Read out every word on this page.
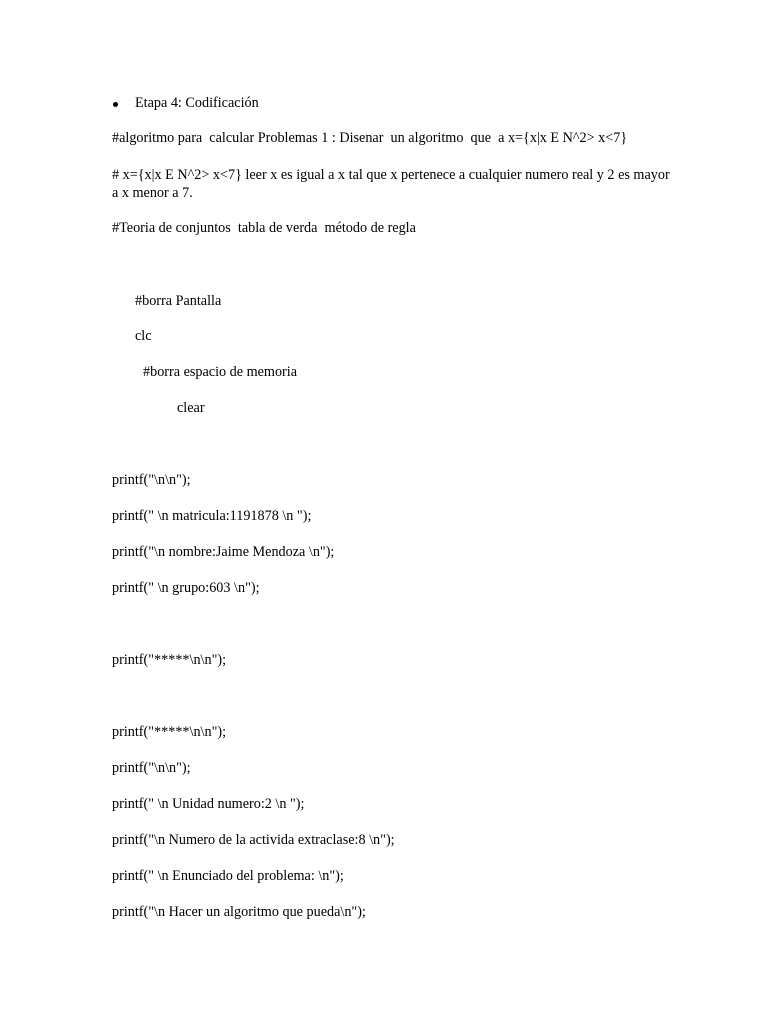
Etapa 4: Codificación
#algoritmo para  calcular Problemas 1 : Disenar  un algoritmo  que  a x={x|x E N^2> x<7}
# x={x|x E N^2> x<7} leer x es igual a x tal que x pertenece a cualquier numero real y 2 es mayor a x menor a 7.
#Teoria de conjuntos  tabla de verda  método de regla
#borra Pantalla
clc
#borra espacio de memoria
clear
printf("\n\n");
printf(" \n matricula:1191878 \n ");
printf("\n nombre:Jaime Mendoza \n");
printf(" \n grupo:603 \n");
printf("*****\n\n");
printf("*****\n\n");
printf("\n\n");
printf(" \n Unidad numero:2 \n ");
printf("\n Numero de la activida extraclase:8 \n");
printf(" \n Enunciado del problema: \n");
printf("\n Hacer un algoritmo que pueda\n");
